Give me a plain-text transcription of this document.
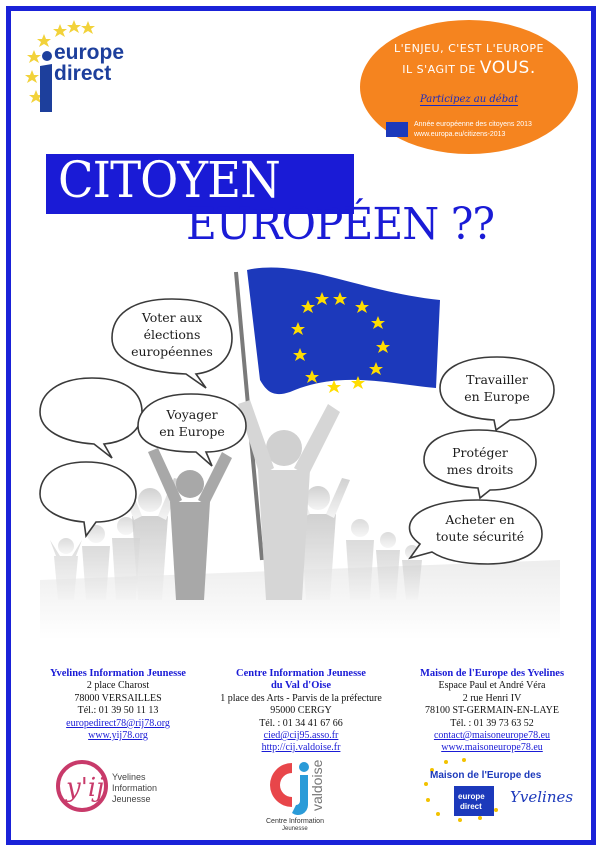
europe
direct
L'ENJEU, C'EST L'EUROPE
IL S'AGIT DE VOUS.
Participez au débat
Année européenne des citoyens 2013
www.europa.eu/citizens-2013
CITOYEN
EUROPÉEN ??
Voter aux
élections
européennes
Voyager
en Europe
Travailler
en Europe
Protéger
mes droits
Acheter en
toute sécurité
Yvelines Information Jeunesse
2 place Charost
78000 VERSAILLES
Tél.: 01 39 50 11 13
europedirect78@rij78.org
www.yij78.org
Centre Information Jeunesse
du Val d'Oise
1 place des Arts - Parvis de la préfecture
95000 CERGY
Tél. : 01 34 41 67 66
cied@cij95.asso.fr
http://cij.valdoise.fr
Maison de l'Europe des Yvelines
Espace Paul et André Véra
2 rue Henri IV
78100 ST-GERMAIN-EN-LAYE
Tél. : 01 39 73 63 52
contact@maisoneurope78.eu
www.maisoneurope78.eu
y'ij Yvelines
Information
Jeunesse	valdoise
Centre Information
Jeunesse
Maison de l'Europe des
Yvelines
europe
direct
